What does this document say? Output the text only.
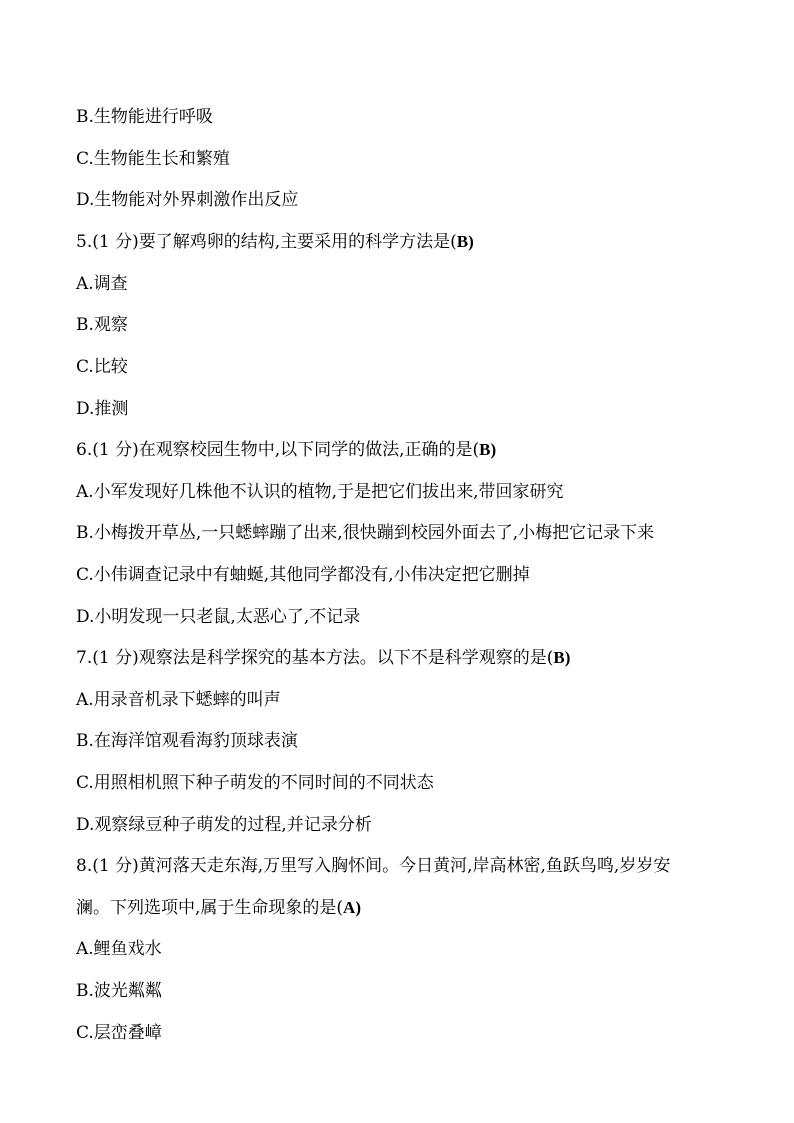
B.生物能进行呼吸
C.生物能生长和繁殖
D.生物能对外界刺激作出反应
5.(1 分)要了解鸡卵的结构,主要采用的科学方法是(B)
A.调查
B.观察
C.比较
D.推测
6.(1 分)在观察校园生物中,以下同学的做法,正确的是(B)
A.小军发现好几株他不认识的植物,于是把它们拔出来,带回家研究
B.小梅拨开草丛,一只蟋蟀蹦了出来,很快蹦到校园外面去了,小梅把它记录下来
C.小伟调查记录中有蚰蜒,其他同学都没有,小伟决定把它删掉
D.小明发现一只老鼠,太恶心了,不记录
7.(1 分)观察法是科学探究的基本方法。以下不是科学观察的是(B)
A.用录音机录下蟋蟀的叫声
B.在海洋馆观看海豹顶球表演
C.用照相机照下种子萌发的不同时间的不同状态
D.观察绿豆种子萌发的过程,并记录分析
8.(1 分)黄河落天走东海,万里写入胸怀间。今日黄河,岸高林密,鱼跃鸟鸣,岁岁安
澜。下列选项中,属于生命现象的是(A)
A.鲤鱼戏水
B.波光粼粼
C.层峦叠嶂
